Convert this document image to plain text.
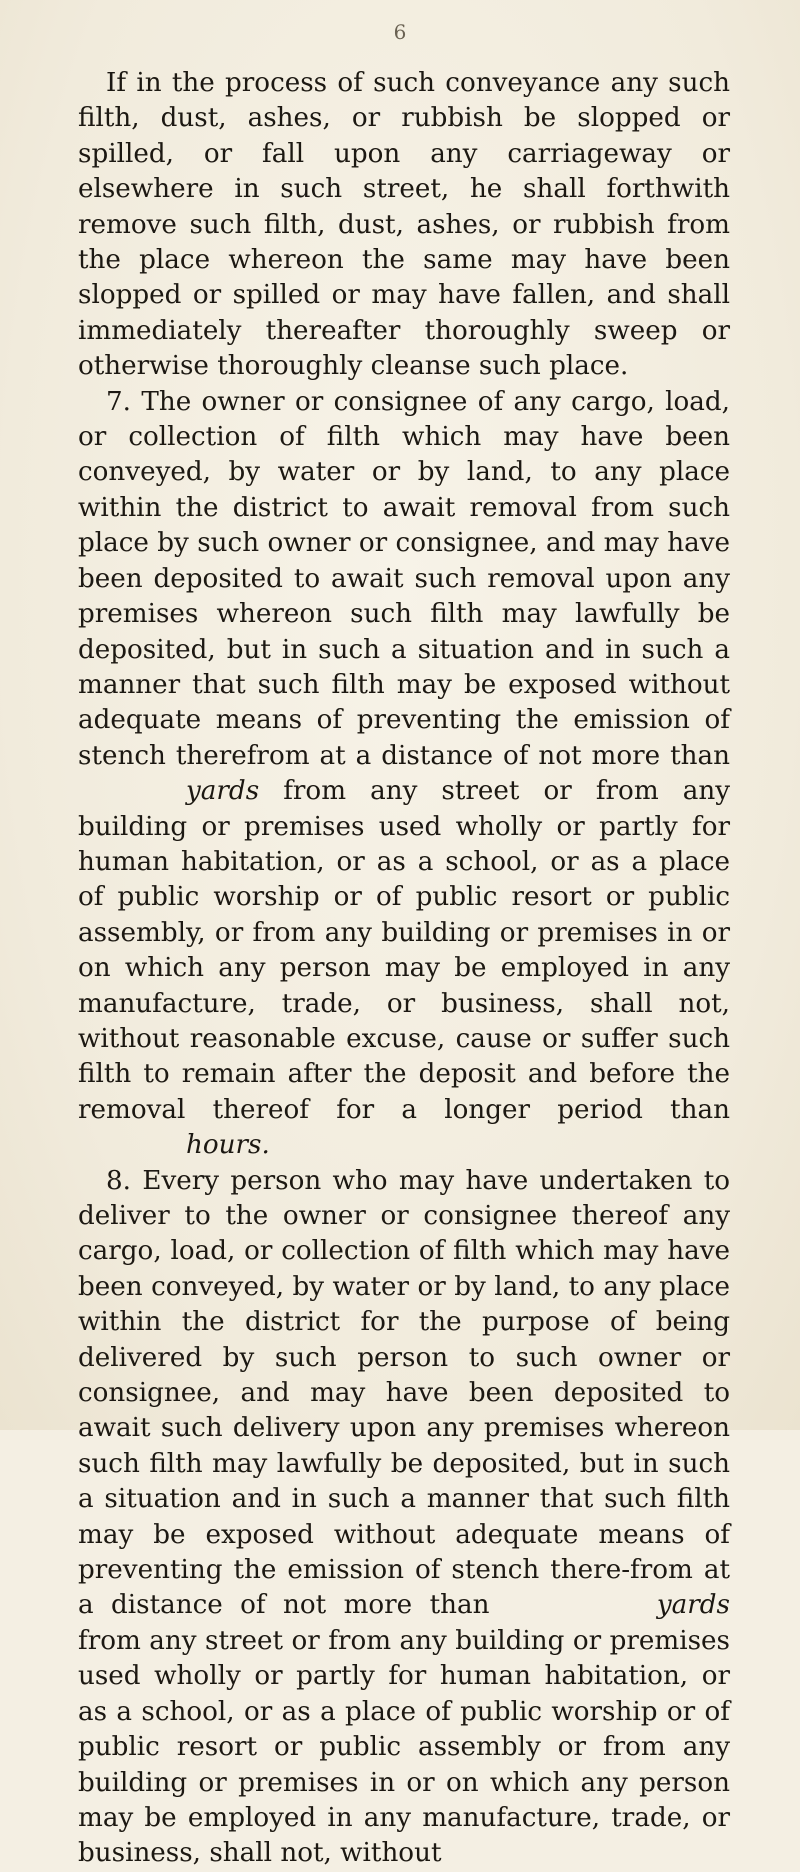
6

If in the process of such conveyance any such filth, dust, ashes, or rubbish be slopped or spilled, or fall upon any carriageway or elsewhere in such street, he shall forthwith remove such filth, dust, ashes, or rubbish from the place whereon the same may have been slopped or spilled or may have fallen, and shall immediately thereafter thoroughly sweep or otherwise thoroughly cleanse such place.

7. The owner or consignee of any cargo, load, or collection of filth which may have been conveyed, by water or by land, to any place within the district to await removal from such place by such owner or consignee, and may have been deposited to await such removal upon any premises whereon such filth may lawfully be deposited, but in such a situation and in such a manner that such filth may be exposed without adequate means of preventing the emission of stench therefrom at a distance of not more than yards from any street or from any building or premises used wholly or partly for human habitation, or as a school, or as a place of public worship or of public resort or public assembly, or from any building or premises in or on which any person may be employed in any manufacture, trade, or business, shall not, without reasonable excuse, cause or suffer such filth to remain after the deposit and before the removal thereof for a longer period than hours.

8. Every person who may have undertaken to deliver to the owner or consignee thereof any cargo, load, or collection of filth which may have been conveyed, by water or by land, to any place within the district for the purpose of being delivered by such person to such owner or consignee, and may have been deposited to await such delivery upon any premises whereon such filth may lawfully be deposited, but in such a situation and in such a manner that such filth may be exposed without adequate means of preventing the emission of stench there-from at a distance of not more than	yards from any street or from any building or premises used wholly or partly for human habitation, or as a school, or as a place of public worship or of public resort or public assembly or from any building or premises in or on which any person may be employed in any manufacture, trade, or business, shall not, without
